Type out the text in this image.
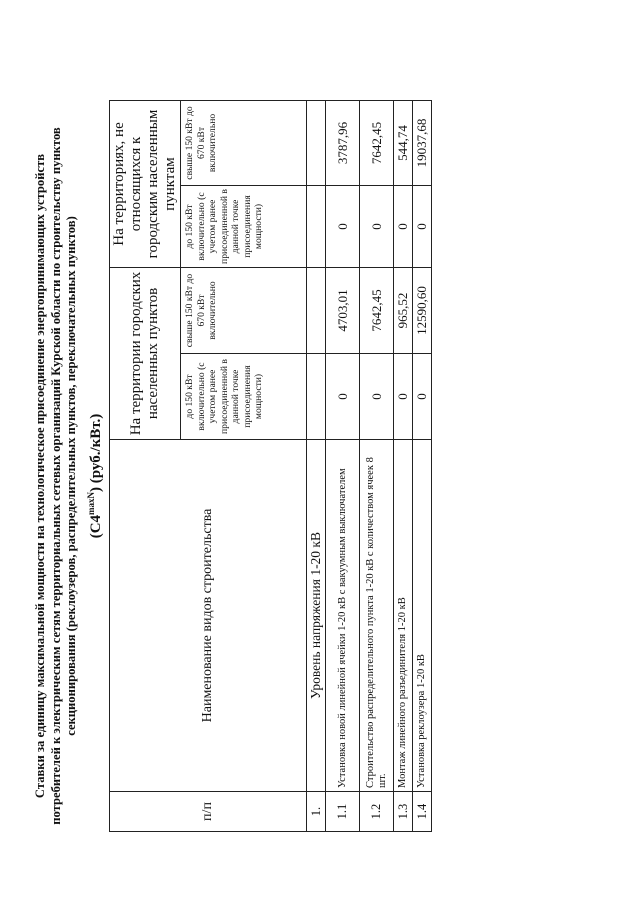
Ставки за единицу максимальной мощности на технологическое присоединение энергопринимающих устройств потребителей к электрическим сетям территориальных сетевых организаций Курской области по строительству пунктов секционирования (реклоузеров, распределительных пунктов, переключательных пунктов) $(С4^{maxN})$ (руб./кВт.)
п/п	Наименование видов строительства	На территории городских населенных пунктов		На территориях, не относящихся к городским населенным пунктам	
		до 150 кВт включительно (с учетом ранее присоединенной в данной точке присоединения мощности)	свыше 150 кВт до 670 кВт включительно	до 150 кВт включительно (с учетом ранее присоединенной в данной точке присоединения мощности)	свыше 150 кВт до 670 кВт включительно
1.	Уровень напряжения 1-20 кВ				
1.1	Установка новой линейной ячейки 1-20 кВ с вакуумным выключателем	0	4703,01	0	3787,96
1.2	Строительство распределительного пункта 1-20 кВ с количеством ячеек 8 шт.	0	7642,45	0	7642,45
1.3	Монтаж линейного разъединителя 1-20 кВ	0	965,52	0	544,74
1.4	Установка реклоузера 1-20 кВ	0	12590,60	0	19037,68
